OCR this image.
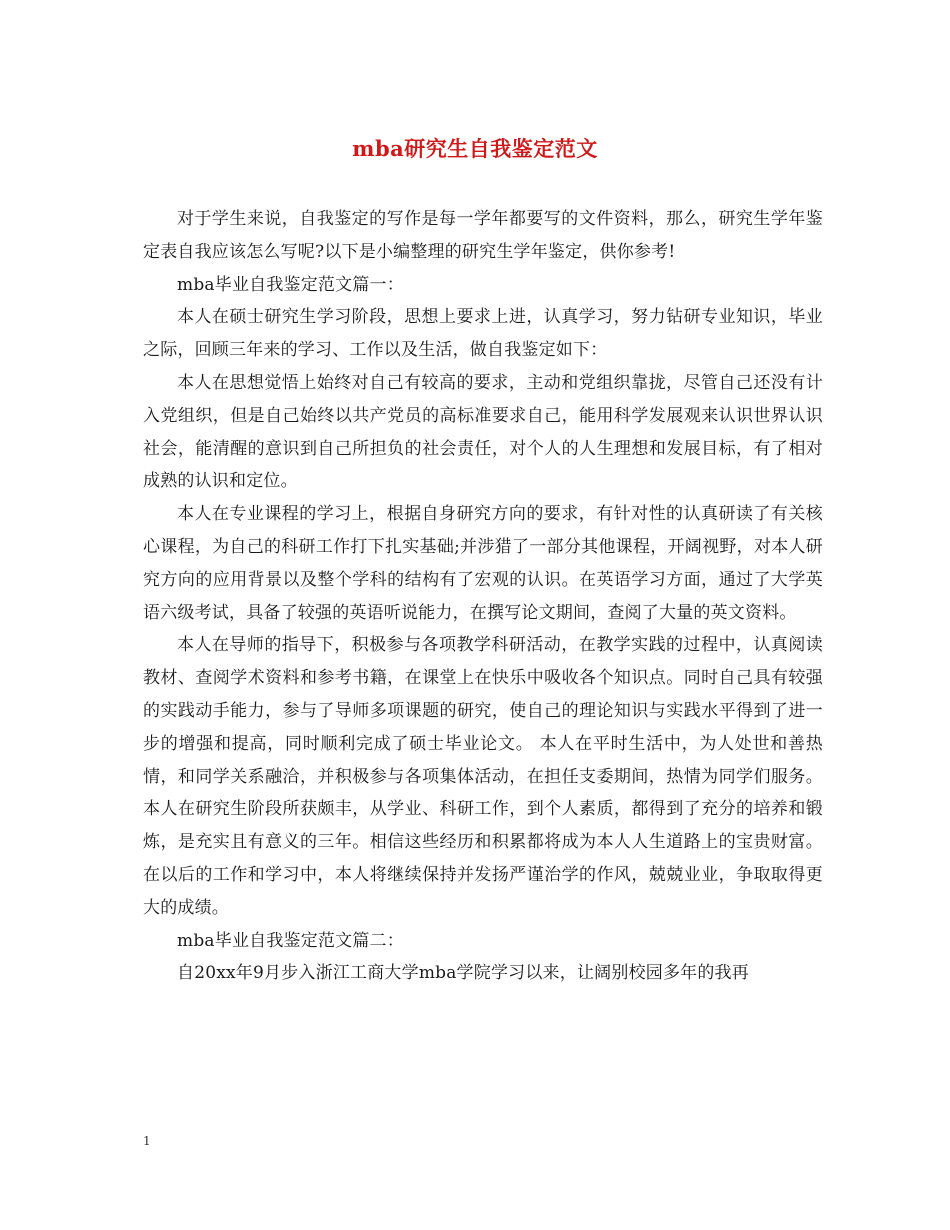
mba研究生自我鉴定范文

对于学生来说，自我鉴定的写作是每一学年都要写的文件资料，那么，研究生学年鉴定表自我应该怎么写呢?以下是小编整理的研究生学年鉴定，供你参考!

mba毕业自我鉴定范文篇一：

本人在硕士研究生学习阶段，思想上要求上进，认真学习，努力钻研专业知识，毕业之际，回顾三年来的学习、工作以及生活，做自我鉴定如下：

本人在思想觉悟上始终对自己有较高的要求，主动和党组织靠拢，尽管自己还没有计入党组织，但是自己始终以共产党员的高标准要求自己，能用科学发展观来认识世界认识社会，能清醒的意识到自己所担负的社会责任，对个人的人生理想和发展目标，有了相对成熟的认识和定位。

本人在专业课程的学习上，根据自身研究方向的要求，有针对性的认真研读了有关核心课程，为自己的科研工作打下扎实基础;并涉猎了一部分其他课程，开阔视野，对本人研究方向的应用背景以及整个学科的结构有了宏观的认识。在英语学习方面，通过了大学英语六级考试，具备了较强的英语听说能力，在撰写论文期间，查阅了大量的英文资料。

本人在导师的指导下，积极参与各项教学科研活动，在教学实践的过程中，认真阅读教材、查阅学术资料和参考书籍，在课堂上在快乐中吸收各个知识点。同时自己具有较强的实践动手能力，参与了导师多项课题的研究，使自己的理论知识与实践水平得到了进一步的增强和提高，同时顺利完成了硕士毕业论文。 本人在平时生活中，为人处世和善热情，和同学关系融洽，并积极参与各项集体活动，在担任支委期间，热情为同学们服务。 本人在研究生阶段所获颇丰，从学业、科研工作，到个人素质，都得到了充分的培养和锻炼，是充实且有意义的三年。相信这些经历和积累都将成为本人人生道路上的宝贵财富。在以后的工作和学习中，本人将继续保持并发扬严谨治学的作风，兢兢业业，争取取得更大的成绩。

mba毕业自我鉴定范文篇二：

自20xx年9月步入浙江工商大学mba学院学习以来，让阔别校园多年的我再

1
